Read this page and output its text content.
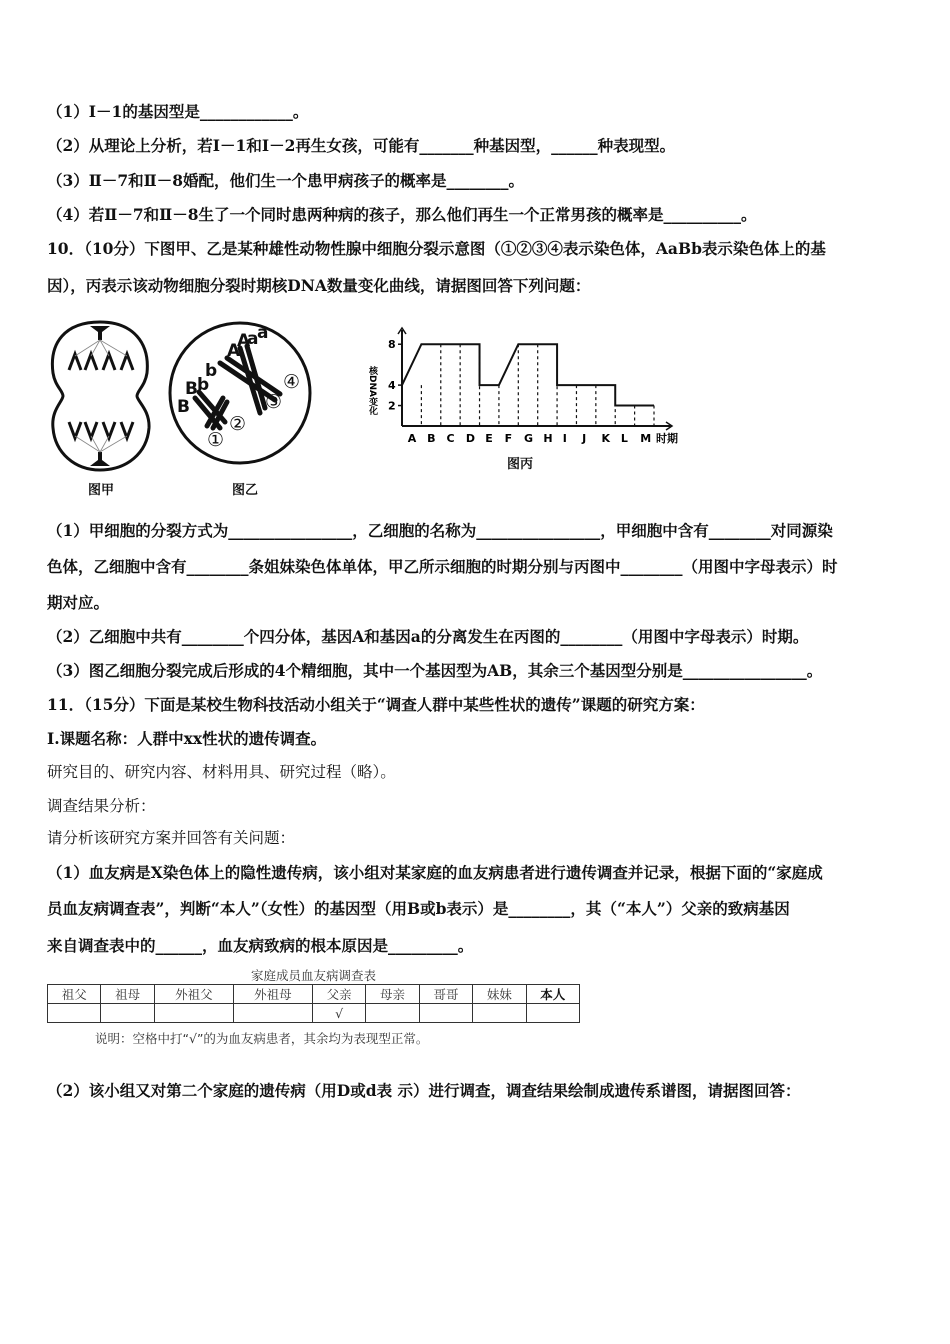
（1）Ⅰ－1的基因型是____________。
（2）从理论上分析，若Ⅰ－1和Ⅰ－2再生女孩，可能有_______种基因型，______种表现型。
（3）Ⅱ－7和Ⅱ－8婚配，他们生一个患甲病孩子的概率是________。
（4）若Ⅱ－7和Ⅱ－8生了一个同时患两种病的孩子，那么他们再生一个正常男孩的概率是__________。
10．（10分）下图甲、乙是某种雄性动物性腺中细胞分裂示意图（①②③④表示染色体，AaBb表示染色体上的基
因），丙表示该动物细胞分裂时期核DNA数量变化曲线，请据图回答下列问题：
图甲
A
A
a
a
B b
b
B
①
②
③
④
图乙
2
4
8
核DNA变化
A B C D E F G H I J K L M 时期
图丙
（1）甲细胞的分裂方式为________________，乙细胞的名称为________________，甲细胞中含有________对同源染
色体，乙细胞中含有________条姐妹染色体单体，甲乙所示细胞的时期分别与丙图中________（用图中字母表示）时
期对应。
（2）乙细胞中共有________个四分体，基因A和基因a的分离发生在丙图的________（用图中字母表示）时期。
（3）图乙细胞分裂完成后形成的4个精细胞，其中一个基因型为AB，其余三个基因型分别是________________。
11．（15分）下面是某校生物科技活动小组关于“调查人群中某些性状的遗传”课题的研究方案：
I.课题名称：人群中xx性状的遗传调查。
研究目的、研究内容、材料用具、研究过程（略）。
调查结果分析：
请分析该研究方案并回答有关问题：
（1）血友病是X染色体上的隐性遗传病，该小组对某家庭的血友病患者进行遗传调查并记录，根据下面的“家庭成
员血友病调查表”，判断“本人”（女性）的基因型（用B或b表示）是________，其（“本人”）父亲的致病基因
来自调查表中的______，血友病致病的根本原因是_________。
家庭成员血友病调查表
祖父	祖母	外祖父	外祖母	父亲	母亲	哥哥	妹妹	本人
				√				
说明：空格中打“√”的为血友病患者，其余均为表现型正常。
（2）该小组又对第二个家庭的遗传病（用D或d表 示）进行调查，调查结果绘制成遗传系谱图，请据图回答：
